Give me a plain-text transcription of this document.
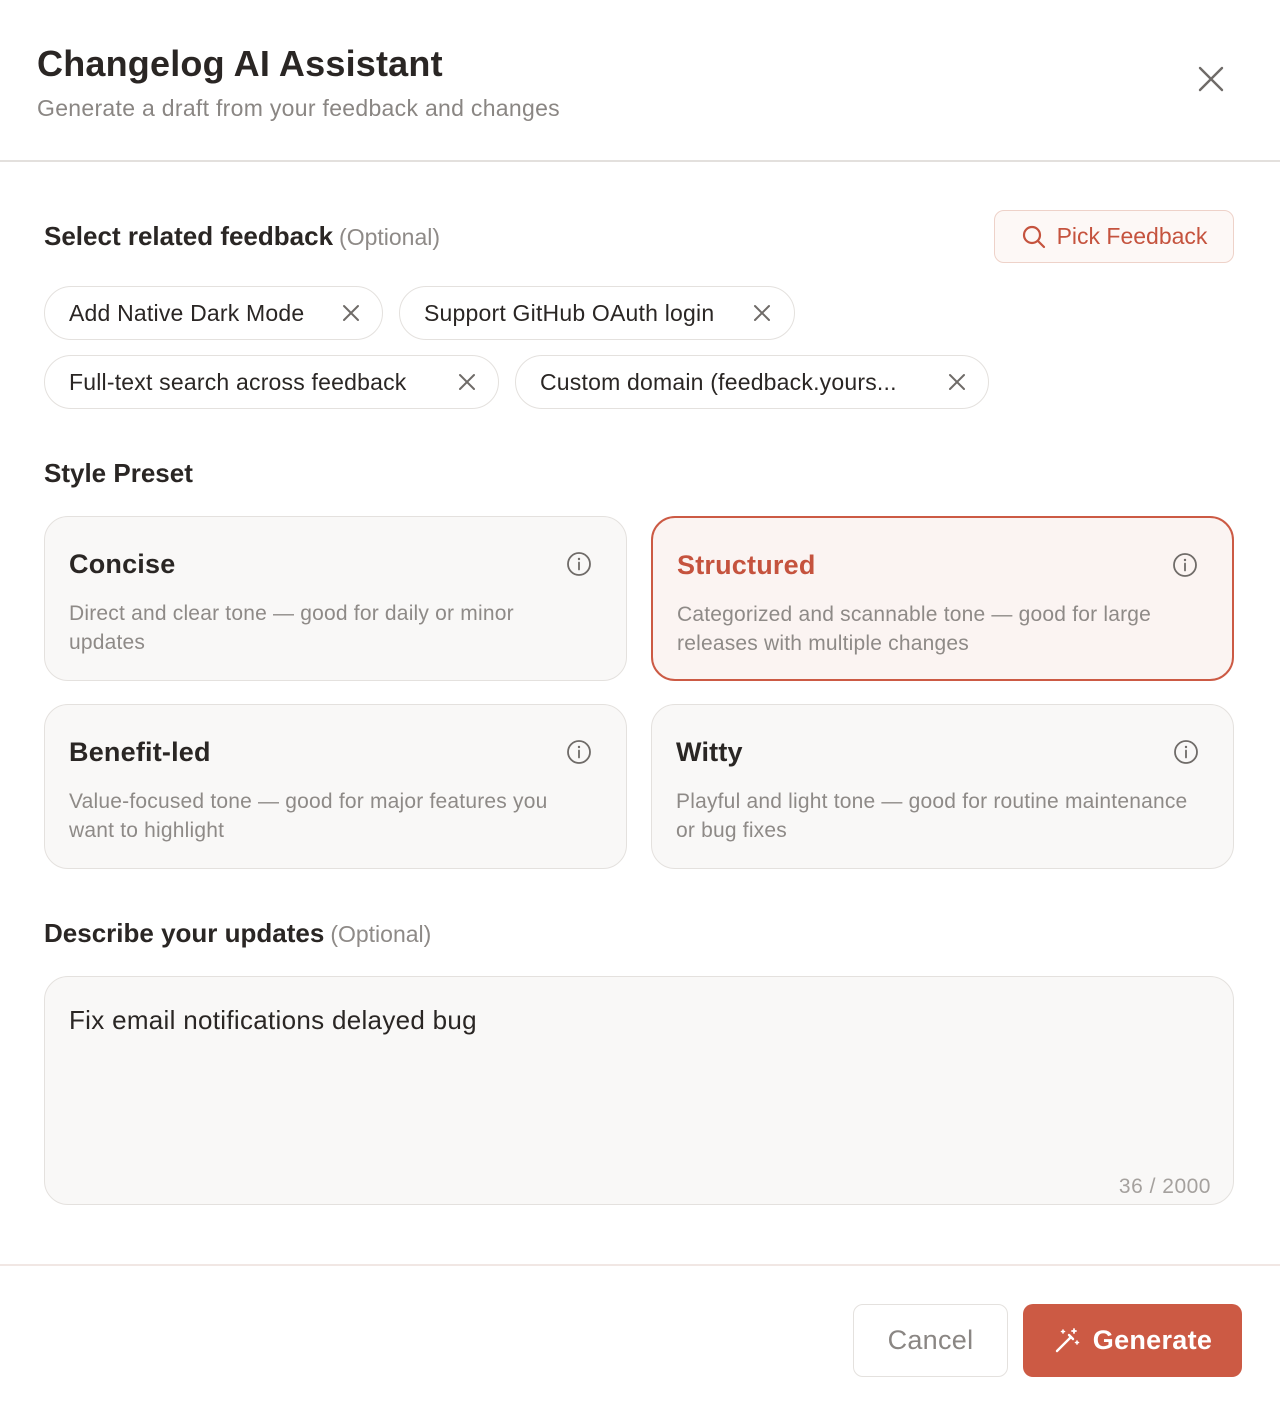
Changelog AI Assistant
Generate a draft from your feedback and changes
Select related feedback (Optional)	Pick Feedback
Add Native Dark Mode	Support GitHub OAuth login
Full-text search across feedback	Custom domain (feedback.yours...
Style Preset
Concise
Direct and clear tone — good for daily or minor updates
Structured
Categorized and scannable tone — good for large releases with multiple changes
Benefit-led
Value-focused tone — good for major features you want to highlight
Witty
Playful and light tone — good for routine maintenance or bug fixes
Describe your updates (Optional)
Fix email notifications delayed bug
36 / 2000
Cancel	Generate
